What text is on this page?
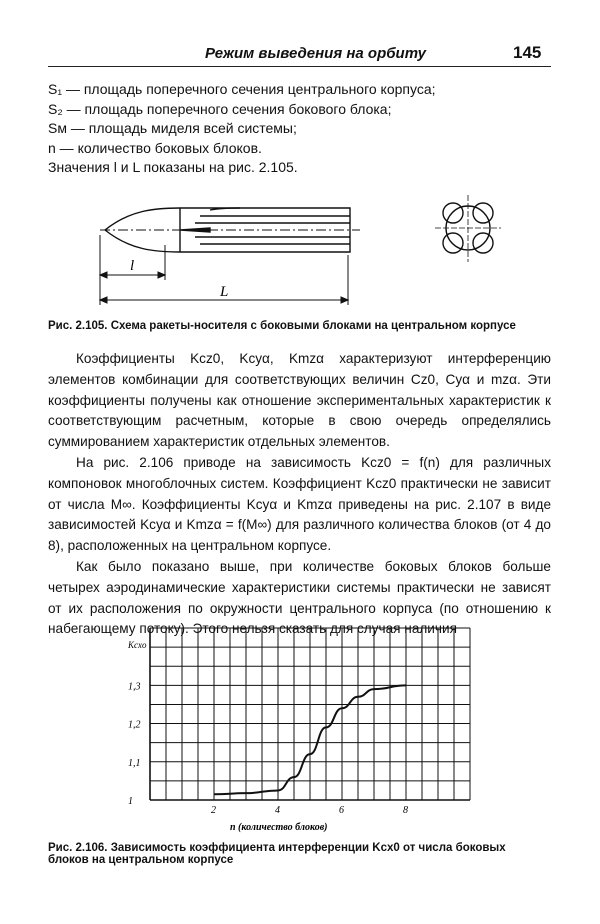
Режим выведения на орбиту	145
S₁ — площадь поперечного сечения центрального корпуса;
S₂ — площадь поперечного сечения бокового блока;
Sм — площадь миделя всей системы;
n — количество боковых блоков.
Значения l и L показаны на рис. 2.105.
l
L
Рис. 2.105. Схема ракеты-носителя с боковыми блоками на центральном корпусе

Коэффициенты Kcz0, Kcyα, Kmzα характеризуют интерференцию элементов комбинации для соответствующих величин Cz0, Cyα и mzα. Эти коэффициенты получены как отношение экспериментальных характеристик к соответствующим расчетным, которые в свою очередь определялись суммированием характеристик отдельных элементов.

На рис. 2.106 приводе на зависимость Kcz0 = f(n) для различных компоновок многоблочных систем. Коэффициент Kcz0 практически не зависит от числа M∞. Коэффициенты Kcyα и Kmzα приведены на рис. 2.107 в виде зависимостей Kcyα и Kmzα = f(M∞) для различного количества блоков (от 4 до 8), расположенных на центральном корпусе.

Как было показано выше, при количестве боковых блоков больше четырех аэродинамические характеристики системы практически не зависят от их расположения по окружности центрального корпуса (по отношению к набегающему потоку). Этого нельзя сказать для случая наличия

2	4	6	8
1
1,1
1,2
1,3
Kcxo
n (количество блоков)
Рис. 2.106. Зависимость коэффициента интерференции Kcx0 от числа боковых
блоков на центральном корпусе
